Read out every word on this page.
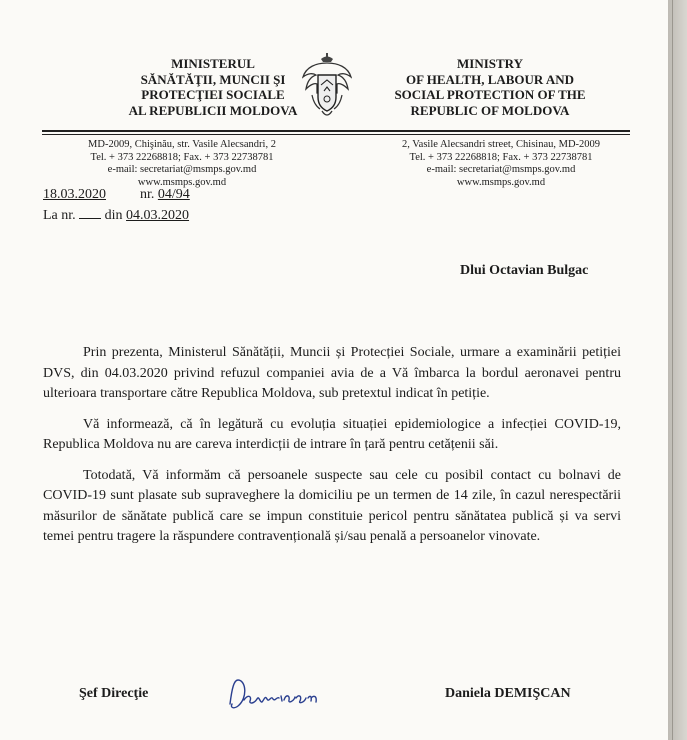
MINISTERUL
SĂNĂTĂŢII, MUNCII ŞI
PROTECŢIEI SOCIALE
AL REPUBLICII MOLDOVA
MINISTRY
OF HEALTH, LABOUR AND
SOCIAL PROTECTION OF THE
REPUBLIC OF MOLDOVA
MD-2009, Chişinău, str. Vasile Alecsandri, 2
Tel. + 373 22268818; Fax. + 373 22738781
e-mail: secretariat@msmps.gov.md
www.msmps.gov.md
2, Vasile Alecsandri street, Chisinau, MD-2009
Tel. + 373 22268818; Fax. + 373 22738781
e-mail: secretariat@msmps.gov.md
www.msmps.gov.md
18.03.2020 nr. 04/94
La nr. din 04.03.2020
Dlui Octavian Bulgac

Prin prezenta, Ministerul Sănătății, Muncii și Protecției Sociale, urmare a examinării petiției DVS, din 04.03.2020 privind refuzul companiei avia de a Vă îmbarca la bordul aeronavei pentru ulterioara transportare către Republica Moldova, sub pretextul indicat în petiție.

Vă informează, că în legătură cu evoluția situației epidemiologice a infecției COVID-19, Republica Moldova nu are careva interdicții de intrare în țară pentru cetățenii săi.

Totodată, Vă informăm că persoanele suspecte sau cele cu posibil contact cu bolnavi de COVID-19 sunt plasate sub supraveghere la domiciliu pe un termen de 14 zile, în cazul nerespectării măsurilor de sănătate publică care se impun constituie pericol pentru sănătatea publică și va servi temei pentru tragere la răspundere contravențională și/sau penală a persoanelor vinovate.

Şef Direcţie
Demiscan
Daniela DEMIŞCAN
